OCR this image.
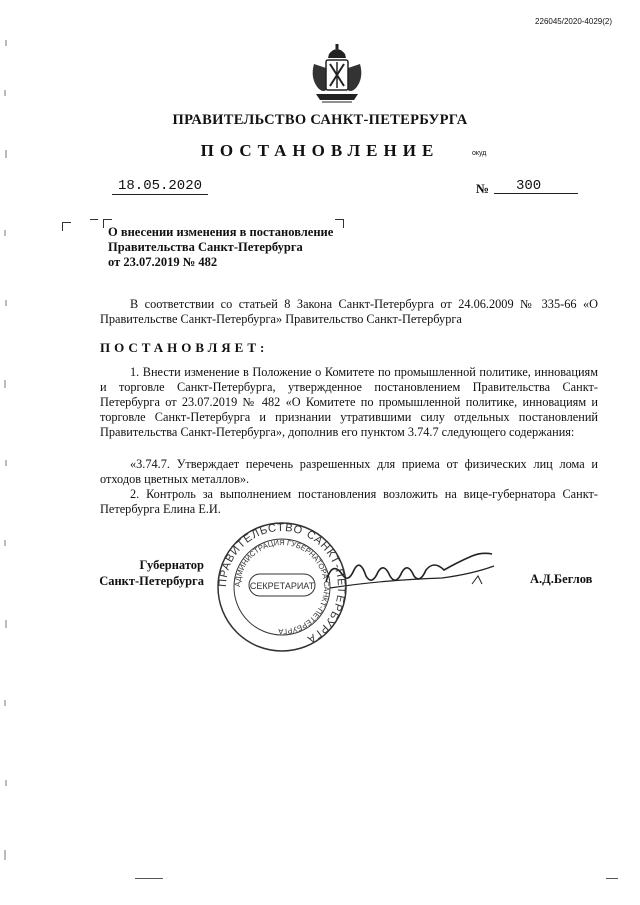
226045/2020-4029(2)
ПРАВИТЕЛЬСТВО САНКТ-ПЕТЕРБУРГА
ПОСТАНОВЛЕНИЕ	окуд
18.05.2020	№ 300
О внесении изменения в постановление
Правительства Санкт-Петербурга
от 23.07.2019 № 482
В соответствии со статьей 8 Закона Санкт-Петербурга от 24.06.2009 № 335-66 «О Правительстве Санкт-Петербурга» Правительство Санкт-Петербурга
ПОСТАНОВЛЯЕТ:
1. Внести изменение в Положение о Комитете по промышленной политике, инновациям и торговле Санкт-Петербурга, утвержденное постановлением Правительства Санкт-Петербурга от 23.07.2019 № 482 «О Комитете по промышленной политике, инновациям и торговле Санкт-Петербурга и признании утратившими силу отдельных постановлений Правительства Санкт-Петербурга», дополнив его пунктом 3.74.7 следующего содержания:
«3.74.7. Утверждает перечень разрешенных для приема от физических лиц лома и отходов цветных металлов».
2. Контроль за выполнением постановления возложить на вице-губернатора Санкт-Петербурга Елина Е.И.
Губернатор
Санкт-Петербурга ПРАВИТЕЛЬСТВО САНКТ-ПЕТЕРБУРГА
АДМИНИСТРАЦИЯ ГУБЕРНАТОРА САНКТ-ПЕТЕРБУРГА
СЕКРЕТАРИАТ	А.Д.Беглов
